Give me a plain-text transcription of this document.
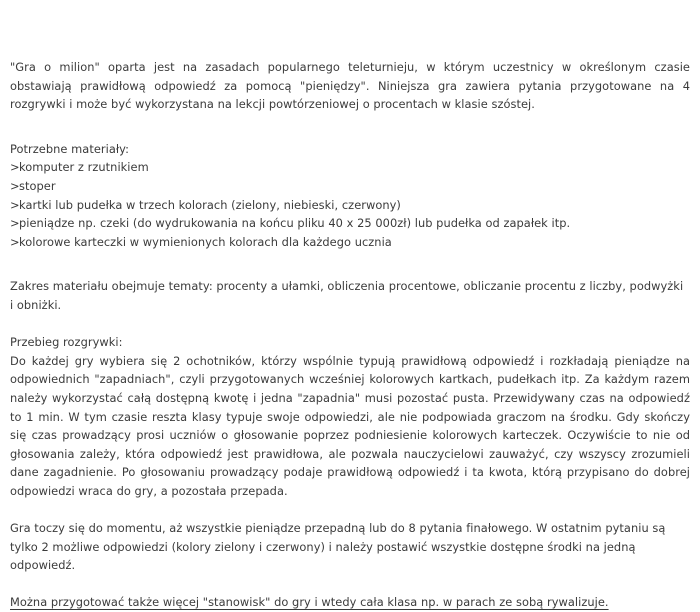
"Gra o milion" oparta jest na zasadach popularnego teleturnieju, w którym uczestnicy w określonym czasie obstawiają prawidłową odpowiedź za pomocą "pieniędzy". Niniejsza gra zawiera pytania przygotowane na 4 rozgrywki i może być wykorzystana na lekcji powtórzeniowej o procentach w klasie szóstej.

Potrzebne materiały:

>komputer z rzutnikiem
>stoper
>kartki lub pudełka w trzech kolorach (zielony, niebieski, czerwony)
>pieniądze np. czeki (do wydrukowania na końcu pliku 40 x 25 000zł) lub pudełka od zapałek itp.
>kolorowe karteczki w wymienionych kolorach dla każdego ucznia

Zakres materiału obejmuje tematy: procenty a ułamki, obliczenia procentowe, obliczanie procentu z liczby, podwyżki i obniżki.

Przebieg rozgrywki:

Do każdej gry wybiera się 2 ochotników, którzy wspólnie typują prawidłową odpowiedź i rozkładają pieniądze na odpowiednich "zapadniach", czyli przygotowanych wcześniej kolorowych kartkach, pudełkach itp. Za każdym razem należy wykorzystać całą dostępną kwotę i jedna "zapadnia" musi pozostać pusta. Przewidywany czas na odpowiedź to 1 min. W tym czasie reszta klasy typuje swoje odpowiedzi, ale nie podpowiada graczom na środku. Gdy skończy się czas prowadzący prosi uczniów o głosowanie poprzez podniesienie kolorowych karteczek. Oczywiście to nie od głosowania zależy, która odpowiedź jest prawidłowa, ale pozwala nauczycielowi zauważyć, czy wszyscy zrozumieli dane zagadnienie. Po głosowaniu prowadzący podaje prawidłową odpowiedź i ta kwota, którą przypisano do dobrej odpowiedzi wraca do gry, a pozostała przepada.

Gra toczy się do momentu, aż wszystkie pieniądze przepadną lub do 8 pytania finałowego. W ostatnim pytaniu są tylko 2 możliwe odpowiedzi (kolory zielony i czerwony) i należy postawić wszystkie dostępne środki na jedną odpowiedź.

Można przygotować także więcej "stanowisk" do gry i wtedy cała klasa np. w parach ze sobą rywalizuje.
